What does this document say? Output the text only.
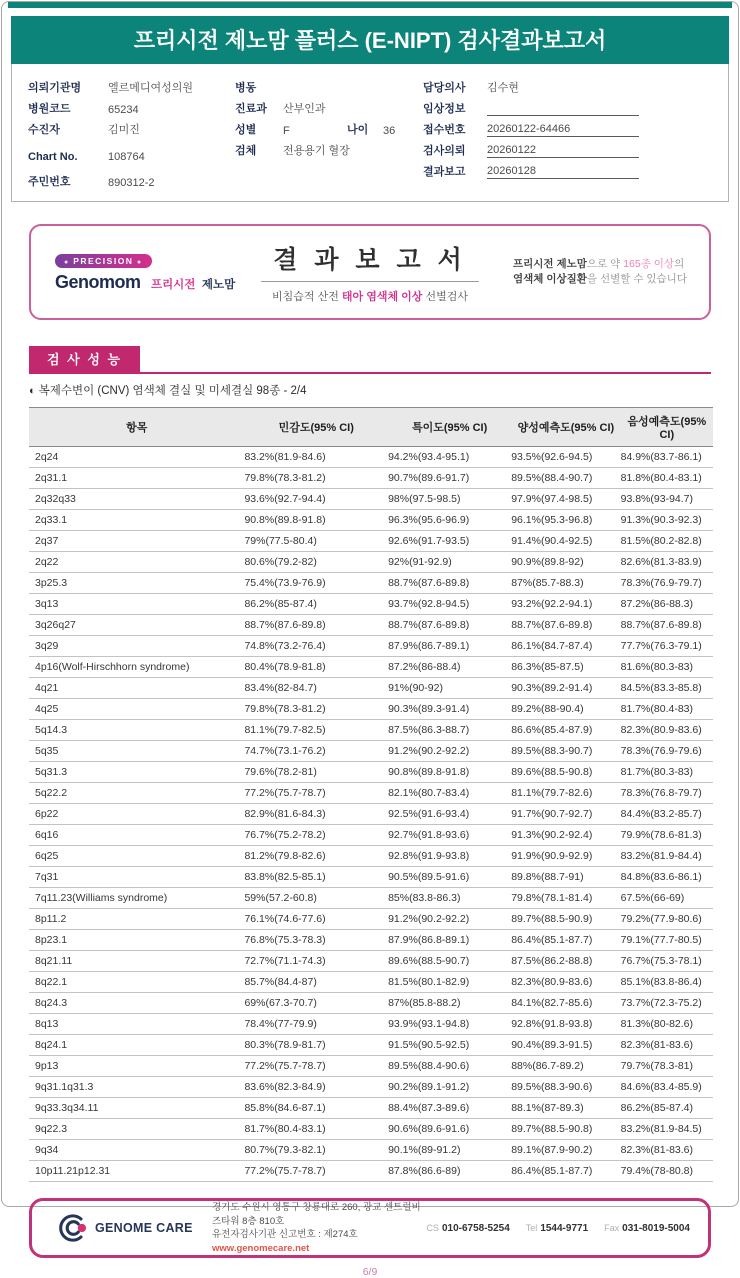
프리시전 제노맘 플러스 (E-NIPT) 검사결과보고서
의뢰기관명	엘르메디여성의원
병원코드	65234
수진자	김미진
Chart No.	108764
주민번호	890312-2
병동
진료과	산부인과
성별	F	나이	36
검체	전용용기 혈장
담당의사	김수현
임상정보
접수번호	20260122-64466
검사의뢰	20260122
결과보고	20260128
● PRECISION ●
Genomom 프리시전 제노맘
결 과 보 고 서
비침습적 산전 태아 염색체 이상 선별검사
프리시전 제노맘으로 약 165종 이상의
염색체 이상질환을 선별할 수 있습니다
검 사 성 능
◐ 복제수변이 (CNV) 염색체 결실 및 미세결실 98종 - 2/4
항목	민감도(95% CI)	특이도(95% CI)	양성예측도(95% CI)	음성예측도(95% CI)
2q24	83.2%(81.9-84.6)	94.2%(93.4-95.1)	93.5%(92.6-94.5)	84.9%(83.7-86.1)
2q31.1	79.8%(78.3-81.2)	90.7%(89.6-91.7)	89.5%(88.4-90.7)	81.8%(80.4-83.1)
2q32q33	93.6%(92.7-94.4)	98%(97.5-98.5)	97.9%(97.4-98.5)	93.8%(93-94.7)
2q33.1	90.8%(89.8-91.8)	96.3%(95.6-96.9)	96.1%(95.3-96.8)	91.3%(90.3-92.3)
2q37	79%(77.5-80.4)	92.6%(91.7-93.5)	91.4%(90.4-92.5)	81.5%(80.2-82.8)
2q22	80.6%(79.2-82)	92%(91-92.9)	90.9%(89.8-92)	82.6%(81.3-83.9)
3p25.3	75.4%(73.9-76.9)	88.7%(87.6-89.8)	87%(85.7-88.3)	78.3%(76.9-79.7)
3q13	86.2%(85-87.4)	93.7%(92.8-94.5)	93.2%(92.2-94.1)	87.2%(86-88.3)
3q26q27	88.7%(87.6-89.8)	88.7%(87.6-89.8)	88.7%(87.6-89.8)	88.7%(87.6-89.8)
3q29	74.8%(73.2-76.4)	87.9%(86.7-89.1)	86.1%(84.7-87.4)	77.7%(76.3-79.1)
4p16(Wolf-Hirschhorn syndrome)	80.4%(78.9-81.8)	87.2%(86-88.4)	86.3%(85-87.5)	81.6%(80.3-83)
4q21	83.4%(82-84.7)	91%(90-92)	90.3%(89.2-91.4)	84.5%(83.3-85.8)
4q25	79.8%(78.3-81.2)	90.3%(89.3-91.4)	89.2%(88-90.4)	81.7%(80.4-83)
5q14.3	81.1%(79.7-82.5)	87.5%(86.3-88.7)	86.6%(85.4-87.9)	82.3%(80.9-83.6)
5q35	74.7%(73.1-76.2)	91.2%(90.2-92.2)	89.5%(88.3-90.7)	78.3%(76.9-79.6)
5q31.3	79.6%(78.2-81)	90.8%(89.8-91.8)	89.6%(88.5-90.8)	81.7%(80.3-83)
5q22.2	77.2%(75.7-78.7)	82.1%(80.7-83.4)	81.1%(79.7-82.6)	78.3%(76.8-79.7)
6p22	82.9%(81.6-84.3)	92.5%(91.6-93.4)	91.7%(90.7-92.7)	84.4%(83.2-85.7)
6q16	76.7%(75.2-78.2)	92.7%(91.8-93.6)	91.3%(90.2-92.4)	79.9%(78.6-81.3)
6q25	81.2%(79.8-82.6)	92.8%(91.9-93.8)	91.9%(90.9-92.9)	83.2%(81.9-84.4)
7q31	83.8%(82.5-85.1)	90.5%(89.5-91.6)	89.8%(88.7-91)	84.8%(83.6-86.1)
7q11.23(Williams syndrome)	59%(57.2-60.8)	85%(83.8-86.3)	79.8%(78.1-81.4)	67.5%(66-69)
8p11.2	76.1%(74.6-77.6)	91.2%(90.2-92.2)	89.7%(88.5-90.9)	79.2%(77.9-80.6)
8p23.1	76.8%(75.3-78.3)	87.9%(86.8-89.1)	86.4%(85.1-87.7)	79.1%(77.7-80.5)
8q21.11	72.7%(71.1-74.3)	89.6%(88.5-90.7)	87.5%(86.2-88.8)	76.7%(75.3-78.1)
8q22.1	85.7%(84.4-87)	81.5%(80.1-82.9)	82.3%(80.9-83.6)	85.1%(83.8-86.4)
8q24.3	69%(67.3-70.7)	87%(85.8-88.2)	84.1%(82.7-85.6)	73.7%(72.3-75.2)
8q13	78.4%(77-79.9)	93.9%(93.1-94.8)	92.8%(91.8-93.8)	81.3%(80-82.6)
8q24.1	80.3%(78.9-81.7)	91.5%(90.5-92.5)	90.4%(89.3-91.5)	82.3%(81-83.6)
9p13	77.2%(75.7-78.7)	89.5%(88.4-90.6)	88%(86.7-89.2)	79.7%(78.3-81)
9q31.1q31.3	83.6%(82.3-84.9)	90.2%(89.1-91.2)	89.5%(88.3-90.6)	84.6%(83.4-85.9)
9q33.3q34.11	85.8%(84.6-87.1)	88.4%(87.3-89.6)	88.1%(87-89.3)	86.2%(85-87.4)
9q22.3	81.7%(80.4-83.1)	90.6%(89.6-91.6)	89.7%(88.5-90.8)	83.2%(81.9-84.5)
9q34	80.7%(79.3-82.1)	90.1%(89-91.2)	89.1%(87.9-90.2)	82.3%(81-83.6)
10p11.21p12.31	77.2%(75.7-78.7)	87.8%(86.6-89)	86.4%(85.1-87.7)	79.4%(78-80.8)
GENOME CARE
경기도 수원시 영통구 창룡대로 260, 광교 센트럴비즈타워 8층 810호
유전자검사기관 신고번호 : 제274호
www.genomecare.net
CS 010-6758-5254 Tel 1544-9771 Fax 031-8019-5004
6/9
